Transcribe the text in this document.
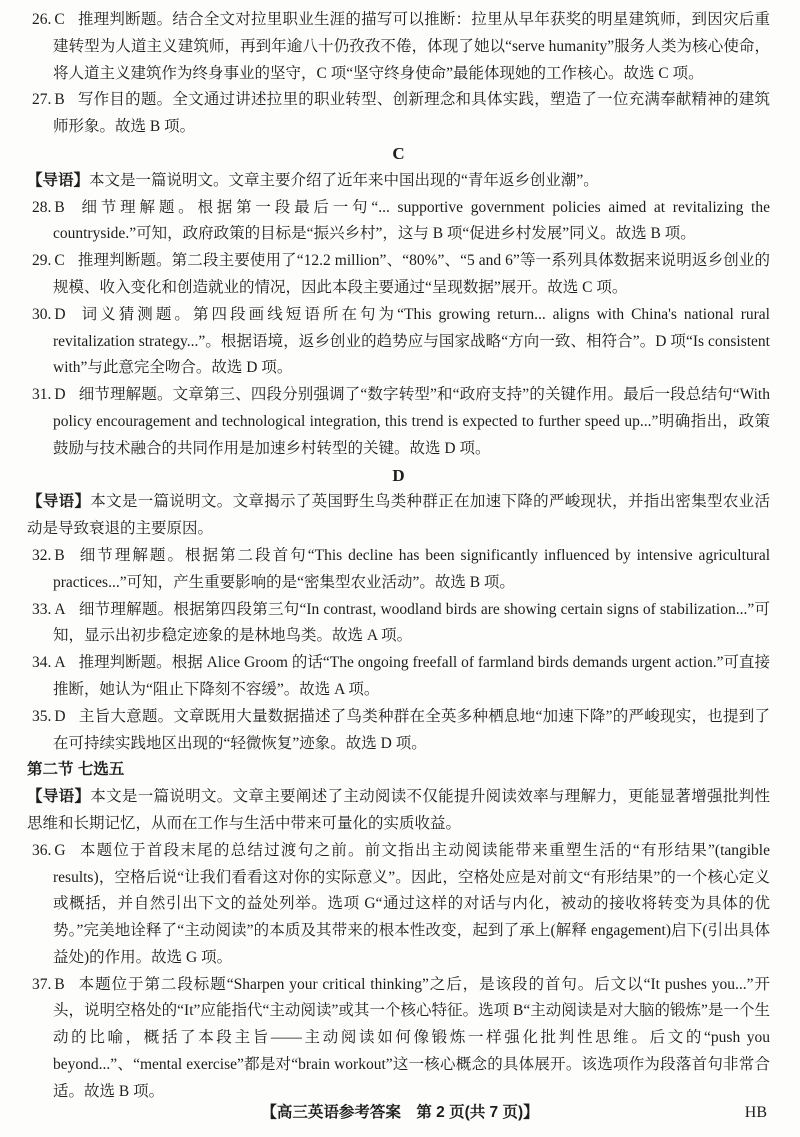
26. C 推理判断题。结合全文对拉里职业生涯的描写可以推断：拉里从早年获奖的明星建筑师，到因灾后重建转型为人道主义建筑师，再到年逾八十仍孜孜不倦，体现了她以“serve humanity”服务人类为核心使命，将人道主义建筑作为终身事业的坚守，C 项“坚守终身使命”最能体现她的工作核心。故选 C 项。
27. B 写作目的题。全文通过讲述拉里的职业转型、创新理念和具体实践，塑造了一位充满奉献精神的建筑师形象。故选 B 项。
C
【导语】本文是一篇说明文。文章主要介绍了近年来中国出现的“青年返乡创业潮”。
28. B 细节理解题。根据第一段最后一句“... supportive government policies aimed at revitalizing the countryside.”可知，政府政策的目标是“振兴乡村”，这与 B 项“促进乡村发展”同义。故选 B 项。
29. C 推理判断题。第二段主要使用了“12.2 million”、“80%”、“5 and 6”等一系列具体数据来说明返乡创业的规模、收入变化和创造就业的情况，因此本段主要通过“呈现数据”展开。故选 C 项。
30. D 词义猜测题。第四段画线短语所在句为“This growing return... aligns with China's national rural revitalization strategy...”。根据语境，返乡创业的趋势应与国家战略“方向一致、相符合”。D 项“Is consistent with”与此意完全吻合。故选 D 项。
31. D 细节理解题。文章第三、四段分别强调了“数字转型”和“政府支持”的关键作用。最后一段总结句“With policy encouragement and technological integration, this trend is expected to further speed up...”明确指出，政策鼓励与技术融合的共同作用是加速乡村转型的关键。故选 D 项。
D
【导语】本文是一篇说明文。文章揭示了英国野生鸟类种群正在加速下降的严峻现状，并指出密集型农业活动是导致衰退的主要原因。
32. B 细节理解题。根据第二段首句“This decline has been significantly influenced by intensive agricultural practices...”可知，产生重要影响的是“密集型农业活动”。故选 B 项。
33. A 细节理解题。根据第四段第三句“In contrast, woodland birds are showing certain signs of stabilization...”可知，显示出初步稳定迹象的是林地鸟类。故选 A 项。
34. A 推理判断题。根据 Alice Groom 的话“The ongoing freefall of farmland birds demands urgent action.”可直接推断，她认为“阻止下降刻不容缓”。故选 A 项。
35. D 主旨大意题。文章既用大量数据描述了鸟类种群在全英多种栖息地“加速下降”的严峻现实，也提到了在可持续实践地区出现的“轻微恢复”迹象。故选 D 项。
第二节 七选五
【导语】本文是一篇说明文。文章主要阐述了主动阅读不仅能提升阅读效率与理解力，更能显著增强批判性思维和长期记忆，从而在工作与生活中带来可量化的实质收益。
36. G 本题位于首段末尾的总结过渡句之前。前文指出主动阅读能带来重塑生活的“有形结果”(tangible results)，空格后说“让我们看看这对你的实际意义”。因此，空格处应是对前文“有形结果”的一个核心定义或概括，并自然引出下文的益处列举。选项 G“通过这样的对话与内化，被动的接收将转变为具体的优势。”完美地诠释了“主动阅读”的本质及其带来的根本性改变，起到了承上(解释 engagement)启下(引出具体益处)的作用。故选 G 项。
37. B 本题位于第二段标题“Sharpen your critical thinking”之后，是该段的首句。后文以“It pushes you...”开头，说明空格处的“It”应能指代“主动阅读”或其一个核心特征。选项 B“主动阅读是对大脑的锻炼”是一个生动的比喻，概括了本段主旨——主动阅读如何像锻炼一样强化批判性思维。后文的“push you beyond...”、“mental exercise”都是对“brain workout”这一核心概念的具体展开。该选项作为段落首句非常合适。故选 B 项。
【高三英语参考答案　第 2 页(共 7 页)】	HB
